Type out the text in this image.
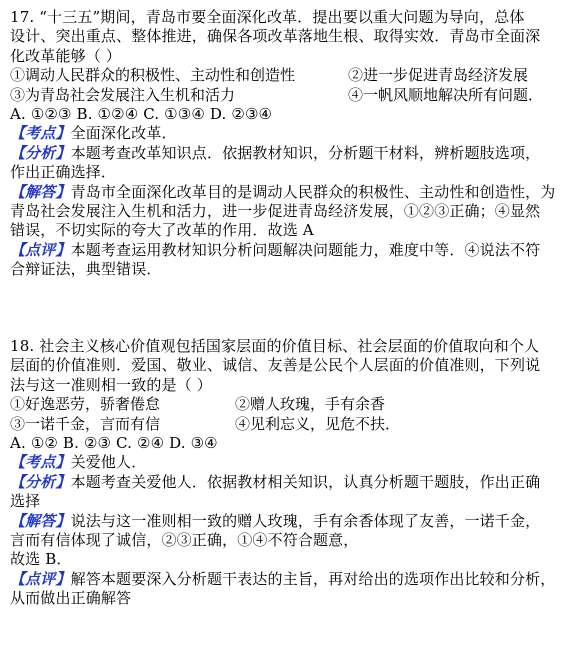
17. “十三五”期间，青岛市要全面深化改革．提出要以重大问题为导向，总体
设计、突出重点、整体推进，确保各项改革落地生根、取得实效．青岛市全面深
化改革能够（ ）
①调动人民群众的积极性、主动性和创造性	②进一步促进青岛经济发展
③为青岛社会发展注入生机和活力	④一帆风顺地解决所有问题．
A. ①②③ B. ①②④ C. ①③④ D. ②③④
【考点】全面深化改革．
【分析】本题考查改革知识点．依据教材知识，分析题干材料，辨析题肢选项，
作出正确选择．
【解答】青岛市全面深化改革目的是调动人民群众的积极性、主动性和创造性，为
青岛社会发展注入生机和活力，进一步促进青岛经济发展，①②③正确；④显然
错误，不切实际的夸大了改革的作用．故选 A
【点评】本题考查运用教材知识分析问题解决问题能力，难度中等．④说法不符
合辩证法，典型错误．
18. 社会主义核心价值观包括国家层面的价值目标、社会层面的价值取向和个人
层面的价值准则．爱国、敬业、诚信、友善是公民个人层面的价值准则，下列说
法与这一准则相一致的是（ ）
①好逸恶劳，骄奢倦怠	②赠人玫瑰，手有余香
③一诺千金，言而有信	④见利忘义，见危不扶．
A. ①② B. ②③ C. ②④ D. ③④
【考点】关爱他人．
【分析】本题考查关爱他人．依据教材相关知识，认真分析题干题肢，作出正确
选择
【解答】说法与这一准则相一致的赠人玫瑰，手有余香体现了友善，一诺千金，
言而有信体现了诚信，②③正确，①④不符合题意，
故选 B．
【点评】解答本题要深入分析题干表达的主旨，再对给出的选项作出比较和分析，
从而做出正确解答
